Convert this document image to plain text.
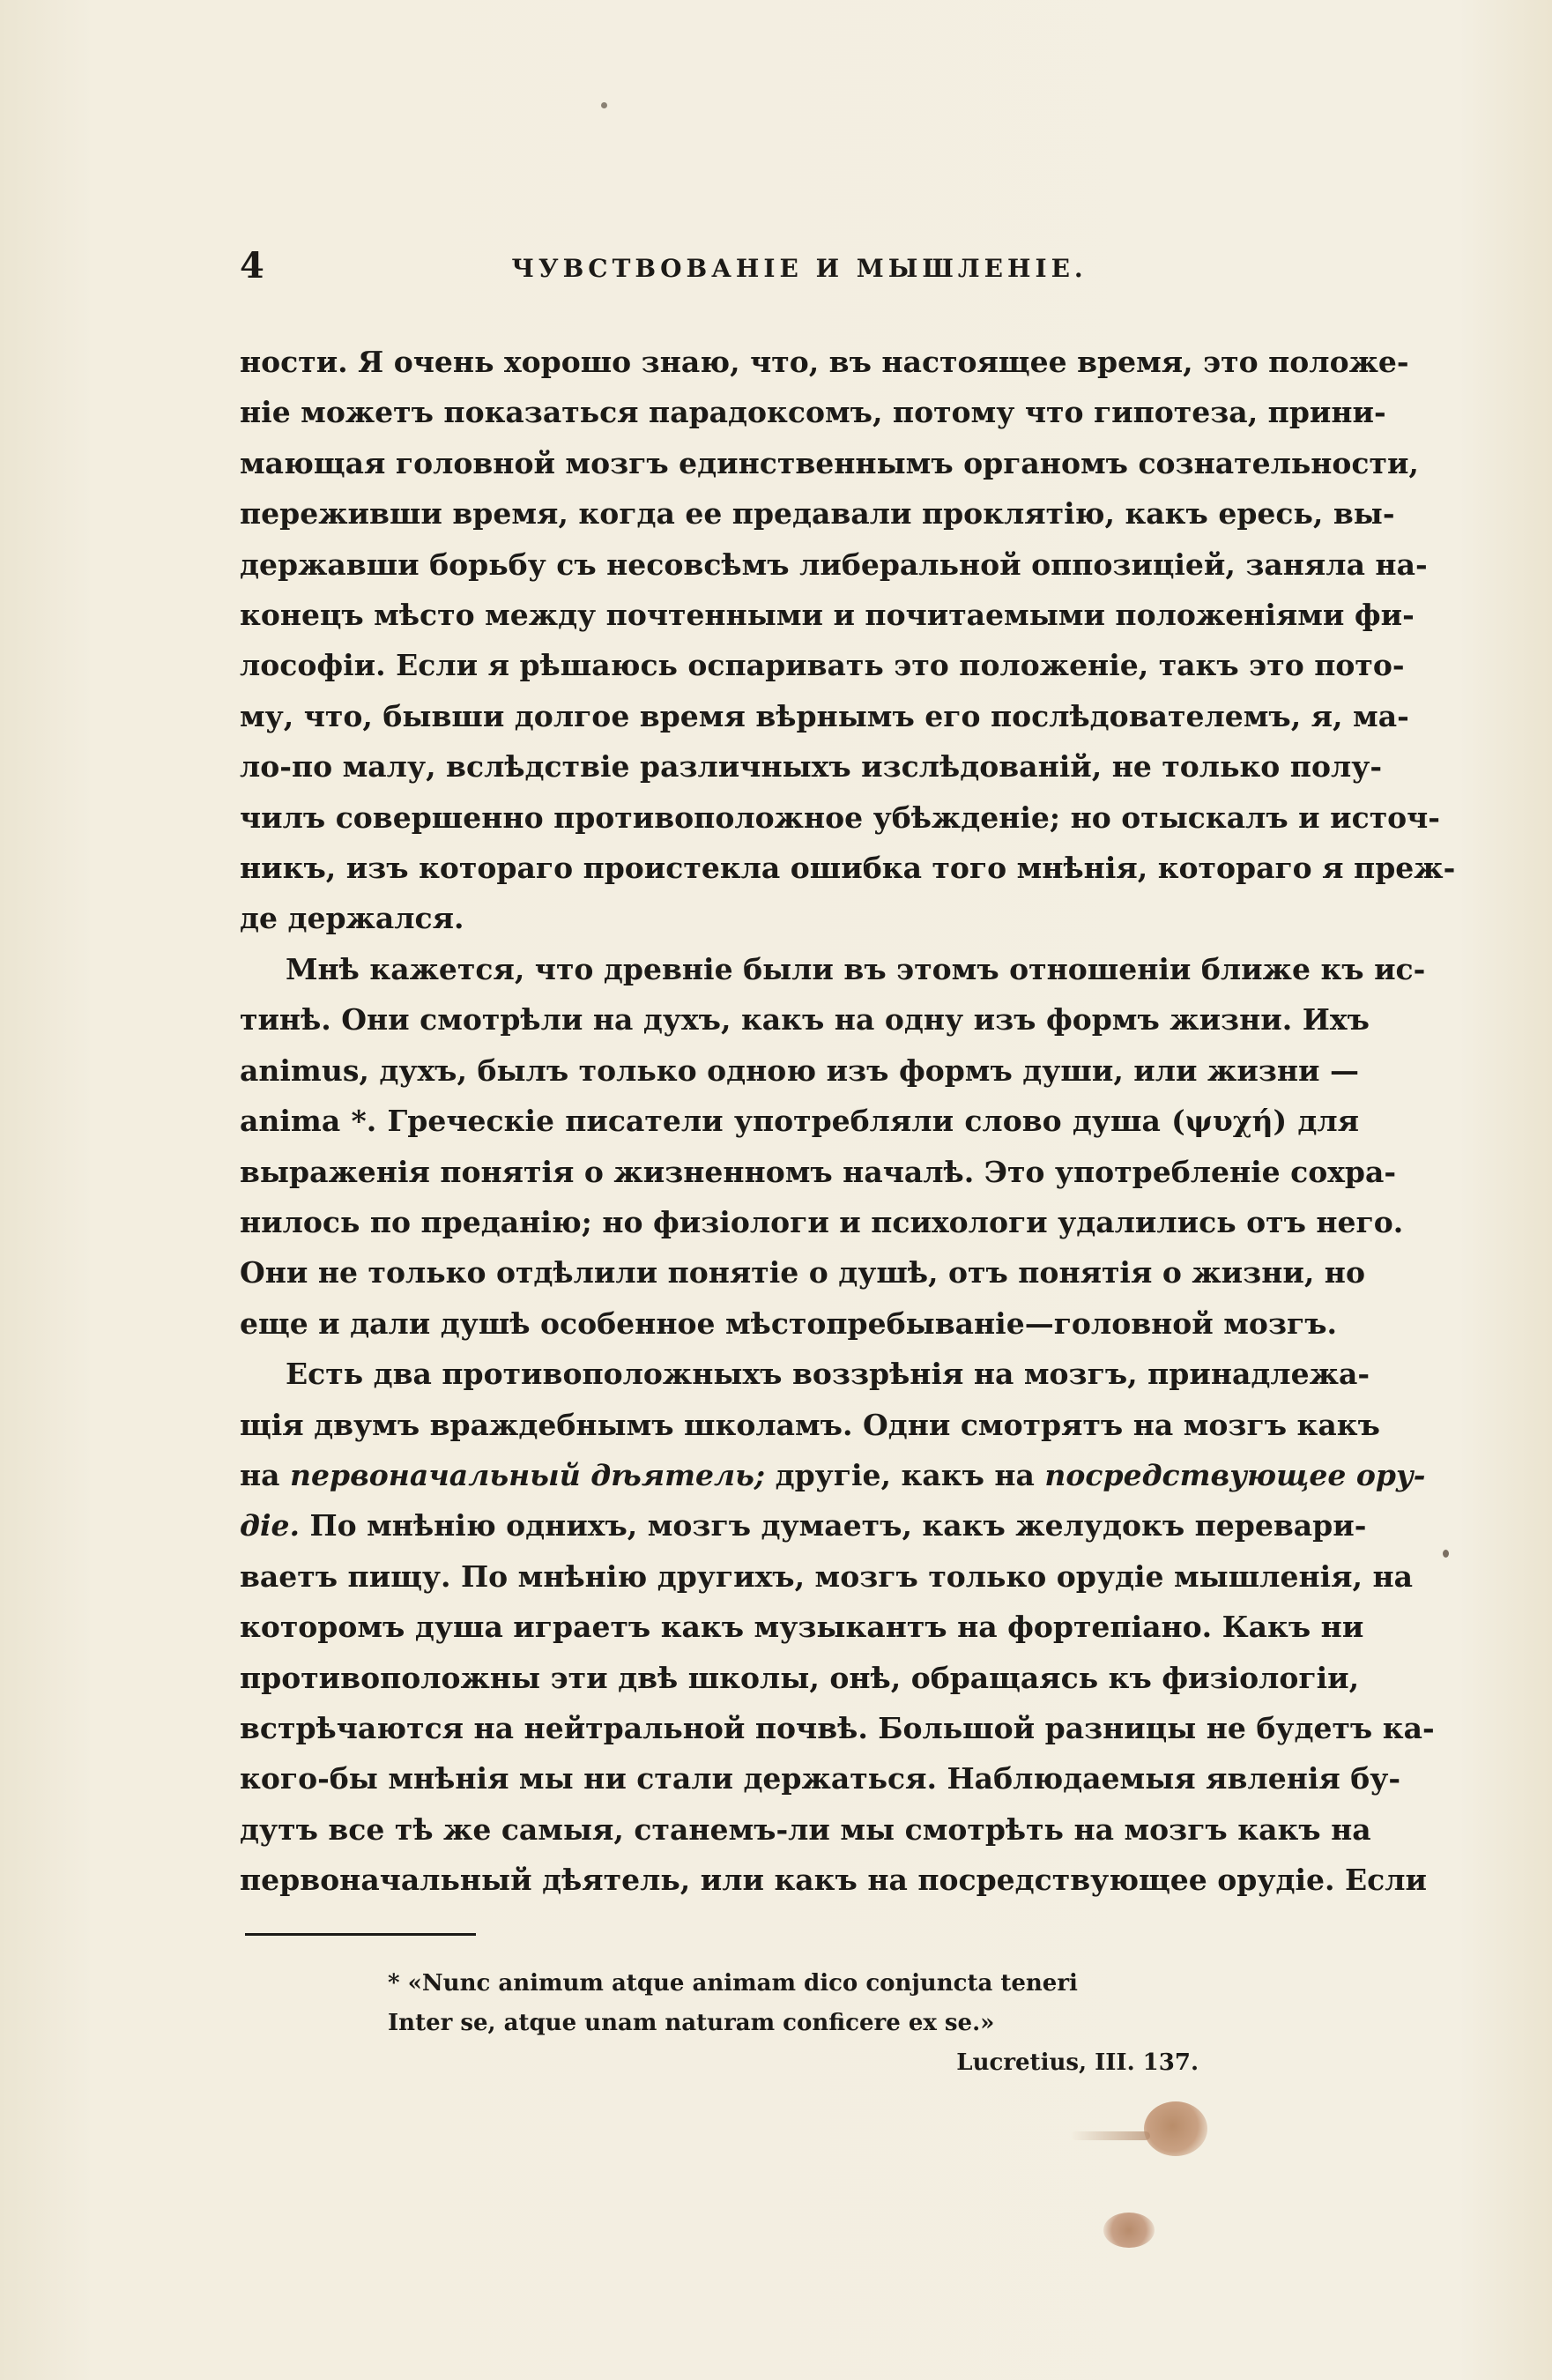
4	ЧУВСТВОВАНІЕ И МЫШЛЕНІЕ.
ности. Я очень хорошо знаю, что, въ настоящее время, это положе-
ніе можетъ показаться парадоксомъ, потому что гипотеза, прини-
мающая головной мозгъ единственнымъ органомъ сознательности,
переживши время, когда ее предавали проклятію, какъ ересь, вы-
державши борьбу съ несовсѣмъ либеральной оппозиціей, заняла на-
конецъ мѣсто между почтенными и почитаемыми положеніями фи-
лософіи. Если я рѣшаюсь оспаривать это положеніе, такъ это пото-
му, что, бывши долгое время вѣрнымъ его послѣдователемъ, я, ма-
ло-по малу, вслѣдствіе различныхъ изслѣдованій, не только полу-
чилъ совершенно противоположное убѣжденіе; но отыскалъ и источ-
никъ, изъ котораго проистекла ошибка того мнѣнія, котораго я преж-
де держался.
Мнѣ кажется, что древніе были въ этомъ отношеніи ближе къ ис-
тинѣ. Они смотрѣли на духъ, какъ на одну изъ формъ жизни. Ихъ
animus, духъ, былъ только одною изъ формъ души, или жизни —
anima *. Греческіе писатели употребляли слово душа (ψυχή) для
выраженія понятія о жизненномъ началѣ. Это употребленіе сохра-
нилось по преданію; но физіологи и психологи удалились отъ него.
Они не только отдѣлили понятіе о душѣ, отъ понятія о жизни, но
еще и дали душѣ особенное мѣстопребываніе—головной мозгъ.
Есть два противоположныхъ воззрѣнія на мозгъ, принадлежа-
щія двумъ враждебнымъ школамъ. Одни смотрятъ на мозгъ какъ
на первоначальный дѣятель; другіе, какъ на посредствующее ору-
діе. По мнѣнію однихъ, мозгъ думаетъ, какъ желудокъ перевари-
ваетъ пищу. По мнѣнію другихъ, мозгъ только орудіе мышленія, на
которомъ душа играетъ какъ музыкантъ на фортепіано. Какъ ни
противоположны эти двѣ школы, онѣ, обращаясь къ физіологіи,
встрѣчаются на нейтральной почвѣ. Большой разницы не будетъ ка-
кого-бы мнѣнія мы ни стали держаться. Наблюдаемыя явленія бу-
дутъ все тѣ же самыя, станемъ-ли мы смотрѣть на мозгъ какъ на
первоначальный дѣятель, или какъ на посредствующее орудіе. Если
* «Nunc animum atque animam dico conjuncta teneri
Inter se, atque unam naturam conficere ex se.»
Lucretius, III. 137.
